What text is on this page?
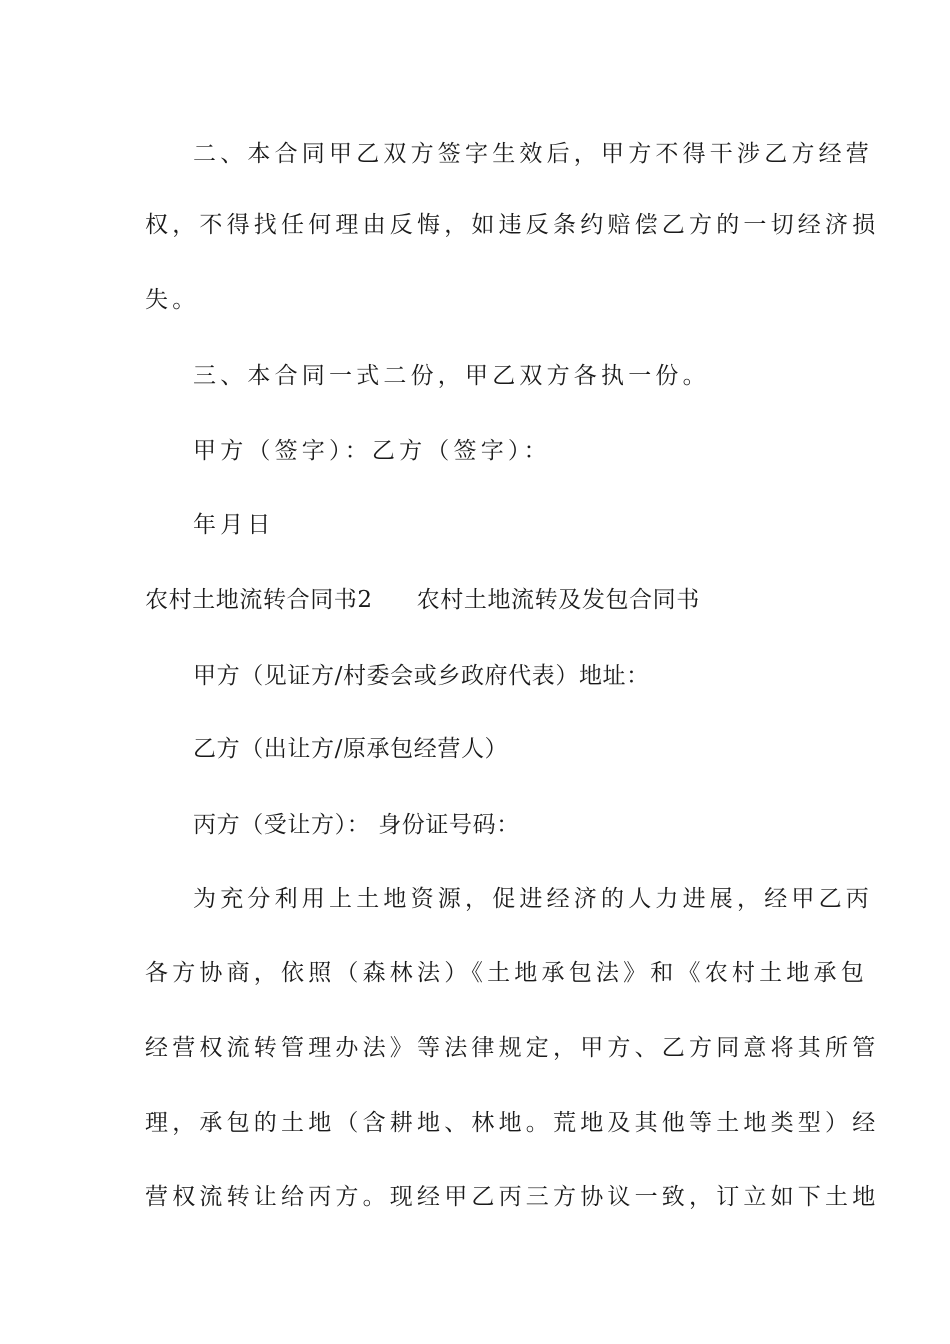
二、本合同甲乙双方签字生效后，甲方不得干涉乙方经营
权，不得找任何理由反悔，如违反条约赔偿乙方的一切经济损
失。
三、本合同一式二份，甲乙双方各执一份。
甲方（签字）：乙方（签字）：
年月日
农村土地流转合同书2 农村土地流转及发包合同书
甲方（见证方/村委会或乡政府代表）地址：
乙方（出让方/原承包经营人）
丙方（受让方）： 身份证号码：
为充分利用上土地资源，促进经济的人力进展，经甲乙丙
各方协商，依照（森林法）《土地承包法》和《农村土地承包
经营权流转管理办法》等法律规定，甲方、乙方同意将其所管
理，承包的土地（含耕地、林地。荒地及其他等土地类型）经
营权流转让给丙方。现经甲乙丙三方协议一致，订立如下土地
